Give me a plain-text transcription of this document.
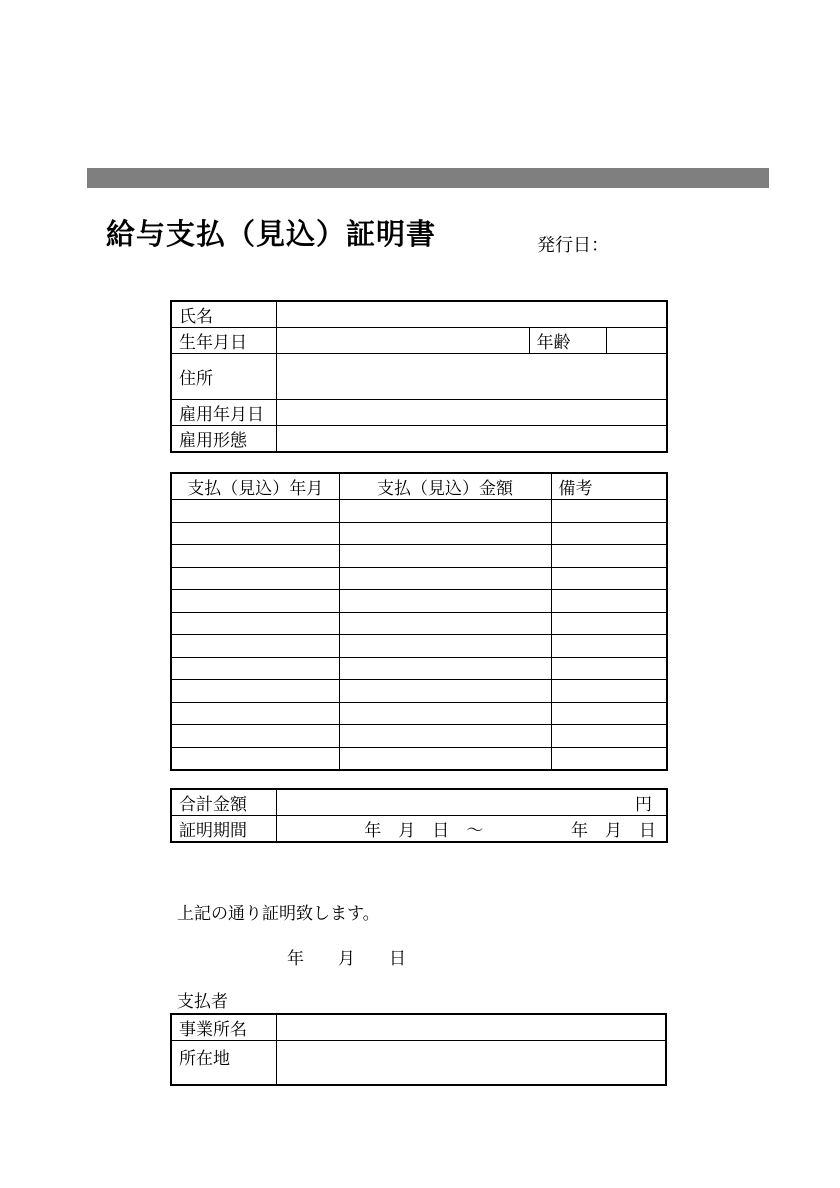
給与支払（見込）証明書	発行日：
氏名			
生年月日		年齢	
住所			
雇用年月日			
雇用形態			
支払（見込）年月	支払（見込）金額	備考

合計金額	円
証明期間	年　月　日　～ 年　月　日
上記の通り証明致します。
年　　月　　日
支払者
事業所名	
所在地	
